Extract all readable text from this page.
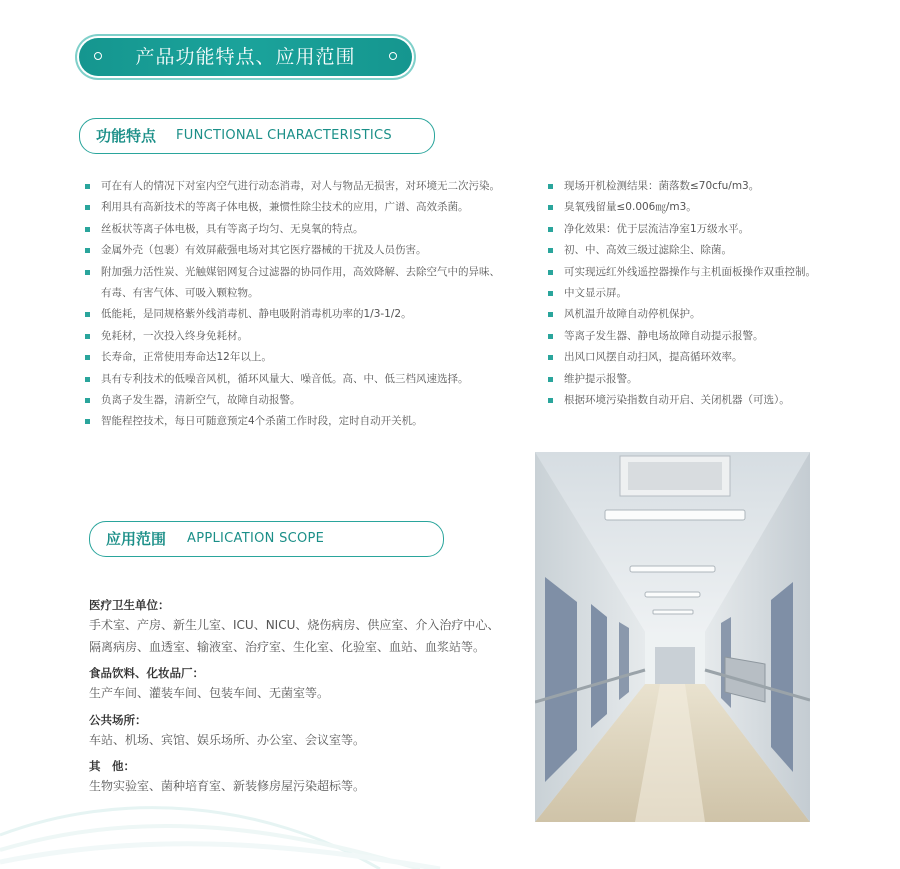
产品功能特点、应用范围
功能特点 FUNCTIONAL CHARACTERISTICS
可在有人的情况下对室内空气进行动态消毒，对人与物品无损害，对环境无二次污染。
利用具有高新技术的等离子体电极，兼惯性除尘技术的应用，广谱、高效杀菌。
丝板状等离子体电极，具有等离子均匀、无臭氧的特点。
金属外壳（包裹）有效屏蔽强电场对其它医疗器械的干扰及人员伤害。
附加强力活性炭、光触媒铝网复合过滤器的协同作用，高效降解、去除空气中的异味、有毒、有害气体、可吸入颗粒物。
低能耗，是同规格紫外线消毒机、静电吸附消毒机功率的1/3-1/2。
免耗材，一次投入终身免耗材。
长寿命，正常使用寿命达12年以上。
具有专利技术的低噪音风机，循环风量大、噪音低。高、中、低三档风速选择。
负离子发生器，清新空气，故障自动报警。
智能程控技术，每日可随意预定4个杀菌工作时段，定时自动开关机。
现场开机检测结果：菌落数≤70cfu/m3。
臭氧残留量≤0.006㎎/m3。
净化效果：优于层流洁净室1万级水平。
初、中、高效三级过滤除尘、除菌。
可实现远红外线遥控器操作与主机面板操作双重控制。
中文显示屏。
风机温升故障自动停机保护。
等离子发生器、静电场故障自动提示报警。
出风口风摆自动扫风，提高循环效率。
维护提示报警。
根据环境污染指数自动开启、关闭机器（可选）。
应用范围 APPLICATION SCOPE
医疗卫生单位：
手术室、产房、新生儿室、ICU、NICU、烧伤病房、供应室、介入治疗中心、隔离病房、血透室、输液室、治疗室、生化室、化验室、血站、血浆站等。
食品饮料、化妆品厂：
生产车间、灌装车间、包装车间、无菌室等。
公共场所：
车站、机场、宾馆、娱乐场所、办公室、会议室等。
其　他：
生物实验室、菌种培育室、新装修房屋污染超标等。
